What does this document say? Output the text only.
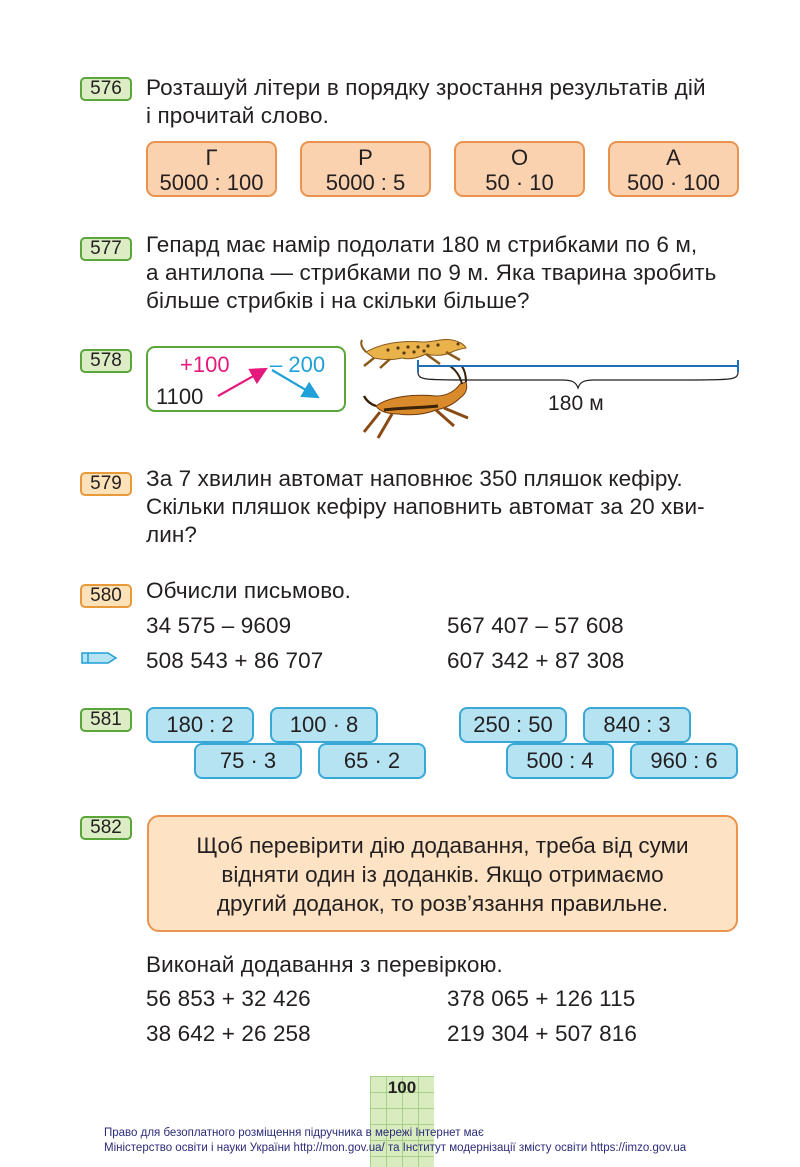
576	Розташуй літери в порядку зростання результатів дій
і прочитай слово.
Г
5000 : 100
Р
5000 : 5
О
50 · 10
А
500 · 100
577	Гепард має намір подолати 180 м стрибками по 6 м,
а антилопа — стрибками по 9 м. Яка тварина зробить
більше стрибків і на скільки більше?
578	+100 – 200
1100	180 м
579	За 7 хвилин автомат наповнює 350 пляшок кефіру.
Скільки пляшок кефіру наповнить автомат за 20 хви-
лин?
580	Обчисли письмово.
34 575 – 9609	567 407 – 57 608
508 543 + 86 707	607 342 + 87 308
581	180 : 2	100 · 8
75 · 3	65 · 2
250 : 50	840 : 3
500 : 4	960 : 6
582
Щоб перевірити дію додавання, треба від суми
відняти один із доданків. Якщо отримаємо
другий доданок, то розв’язання правильне.
Виконай додавання з перевіркою.
56 853 + 32 426	378 065 + 126 115
38 642 + 26 258	219 304 + 507 816
100
Право для безоплатного розміщення підручника в мережі Інтернет має
Міністерство освіти і науки України http://mon.gov.ua/ та Інститут модернізації змісту освіти https://imzo.gov.ua
